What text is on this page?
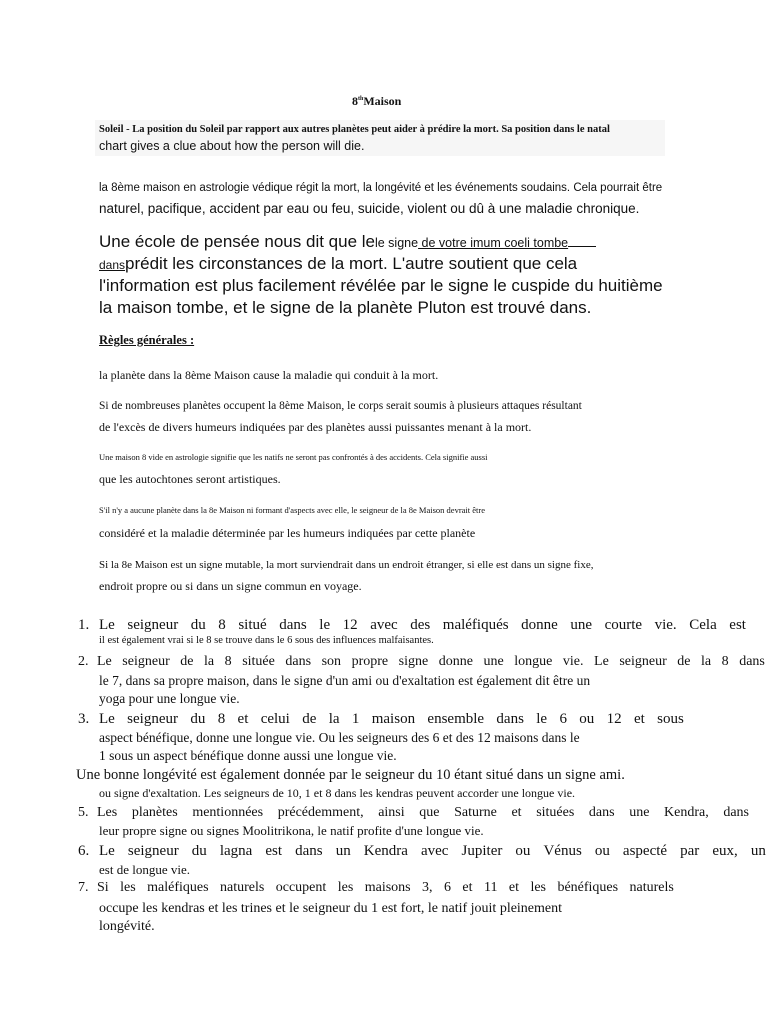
8thMaison
Soleil - La position du Soleil par rapport aux autres planètes peut aider à prédire la mort. Sa position dans le natal
chart gives a clue about how the person will die.
la 8ème maison en astrologie védique régit la mort, la longévité et les événements soudains. Cela pourrait être
naturel, pacifique, accident par eau ou feu, suicide, violent ou dû à une maladie chronique.
Une école de pensée nous dit que lele signe de votre imum coeli tombe
dansprédit les circonstances de la mort. L'autre soutient que cela
l'information est plus facilement révélée par le signe le cuspide du huitième
la maison tombe, et le signe de la planète Pluton est trouvé dans.
Règles générales :
la planète dans la 8ème Maison cause la maladie qui conduit à la mort.
Si de nombreuses planètes occupent la 8ème Maison, le corps serait soumis à plusieurs attaques résultant
de l'excès de divers humeurs indiquées par des planètes aussi puissantes menant à la mort.
Une maison 8 vide en astrologie signifie que les natifs ne seront pas confrontés à des accidents. Cela signifie aussi
que les autochtones seront artistiques.
S'il n'y a aucune planète dans la 8e Maison ni formant d'aspects avec elle, le seigneur de la 8e Maison devrait être
considéré et la maladie déterminée par les humeurs indiquées par cette planète
Si la 8e Maison est un signe mutable, la mort surviendrait dans un endroit étranger, si elle est dans un signe fixe,
endroit propre ou si dans un signe commun en voyage.
1. Le seigneur du 8 situé dans le 12 avec des maléfiqués donne une courte vie. Cela est
il est également vrai si le 8 se trouve dans le 6 sous des influences malfaisantes.
2. Le seigneur de la 8 située dans son propre signe donne une longue vie. Le seigneur de la 8 dans
le 7, dans sa propre maison, dans le signe d'un ami ou d'exaltation est également dit être un
yoga pour une longue vie.
3. Le seigneur du 8 et celui de la 1 maison ensemble dans le 6 ou 12 et sous
aspect bénéfique, donne une longue vie. Ou les seigneurs des 6 et des 12 maisons dans le
1 sous un aspect bénéfique donne aussi une longue vie.
Une bonne longévité est également donnée par le seigneur du 10 étant situé dans un signe ami.
ou signe d'exaltation. Les seigneurs de 10, 1 et 8 dans les kendras peuvent accorder une longue vie.
5. Les planètes mentionnées précédemment, ainsi que Saturne et situées dans une Kendra, dans
leur propre signe ou signes Moolitrikona, le natif profite d'une longue vie.
6. Le seigneur du lagna est dans un Kendra avec Jupiter ou Vénus ou aspecté par eux, un
est de longue vie.
7. Si les maléfiques naturels occupent les maisons 3, 6 et 11 et les bénéfiques naturels
occupe les kendras et les trines et le seigneur du 1 est fort, le natif jouit pleinement
longévité.
